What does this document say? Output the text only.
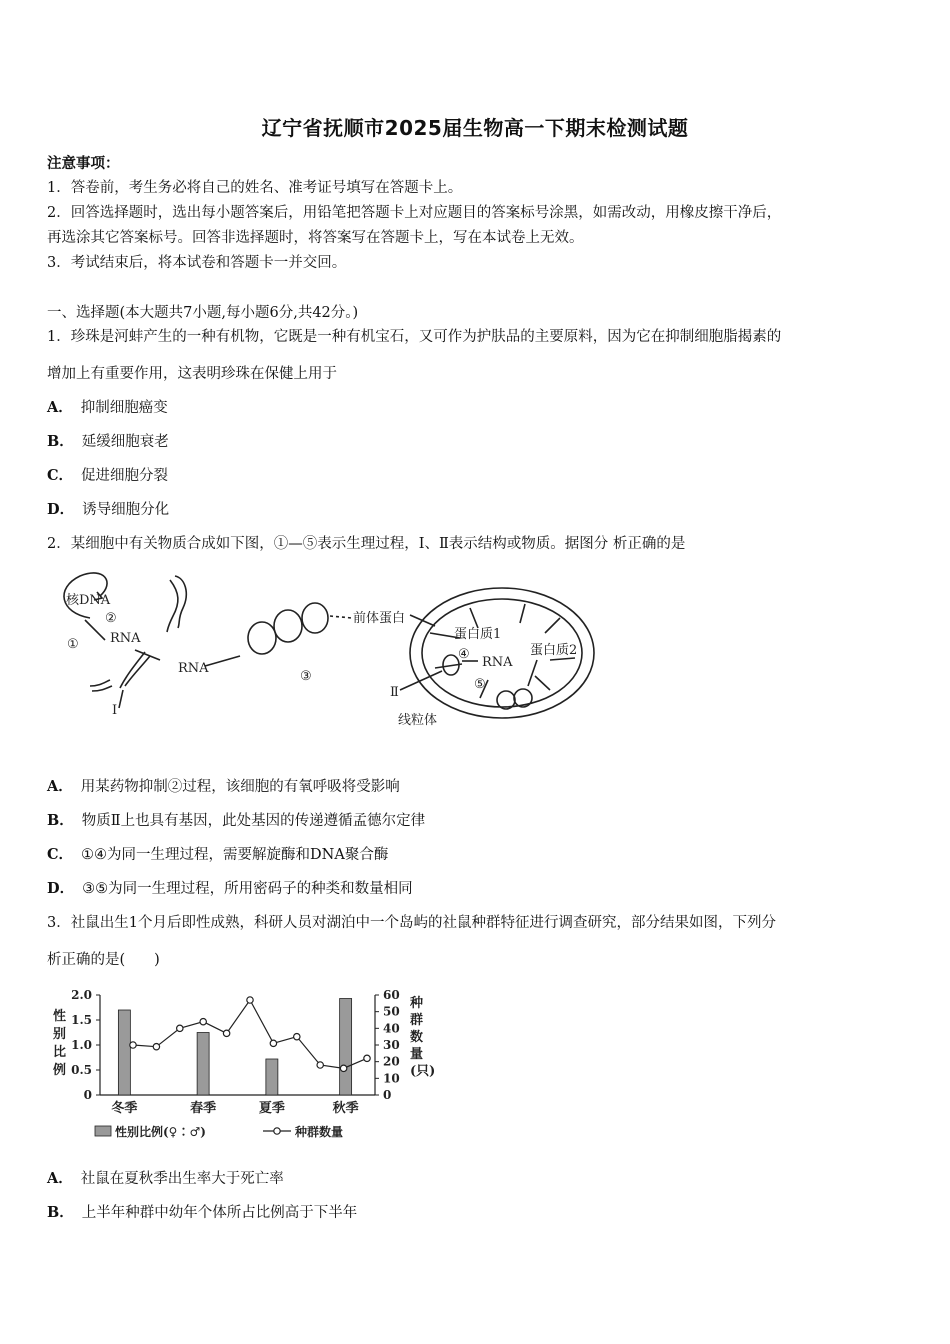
辽宁省抚顺市2025届生物高一下期末检测试题
注意事项：
1．答卷前，考生务必将自己的姓名、准考证号填写在答题卡上。
2．回答选择题时，选出每小题答案后，用铅笔把答题卡上对应题目的答案标号涂黑，如需改动，用橡皮擦干净后，
再选涂其它答案标号。回答非选择题时，将答案写在答题卡上，写在本试卷上无效。
3．考试结束后，将本试卷和答题卡一并交回。
一、选择题(本大题共7小题,每小题6分,共42分。)
1．珍珠是河蚌产生的一种有机物，它既是一种有机宝石，又可作为护肤品的主要原料，因为它在抑制细胞脂揭素的
增加上有重要作用，这表明珍珠在保健上用于
A． 抑制细胞癌变
B． 延缓细胞衰老
C． 促进细胞分裂
D． 诱导细胞分化
2．某细胞中有关物质合成如下图，①—⑤表示生理过程，Ⅰ、Ⅱ表示结构或物质。据图分 析正确的是
核DNA
②
① RNA
RNA
Ⅰ
③
前体蛋白
蛋白质1
④
RNA
蛋白质2
⑤
Ⅱ
线粒体
A． 用某药物抑制②过程，该细胞的有氧呼吸将受影响
B． 物质Ⅱ上也具有基因，此处基因的传递遵循孟德尔定律
C． ①④为同一生理过程，需要解旋酶和DNA聚合酶
D． ③⑤为同一生理过程，所用密码子的种类和数量相同
3．社鼠出生1个月后即性成熟，科研人员对湖泊中一个岛屿的社鼠种群特征进行调查研究，部分结果如图，下列分
析正确的是(　　)
0
0.5
1.0
1.5
2.0
0
10
20
30
40
50
60
性
别
比
例
种
群
数
量
(只)
冬季	春季	夏季	秋季
性别比例(♀∶♂)	种群数量
A． 社鼠在夏秋季出生率大于死亡率
B． 上半年种群中幼年个体所占比例高于下半年
